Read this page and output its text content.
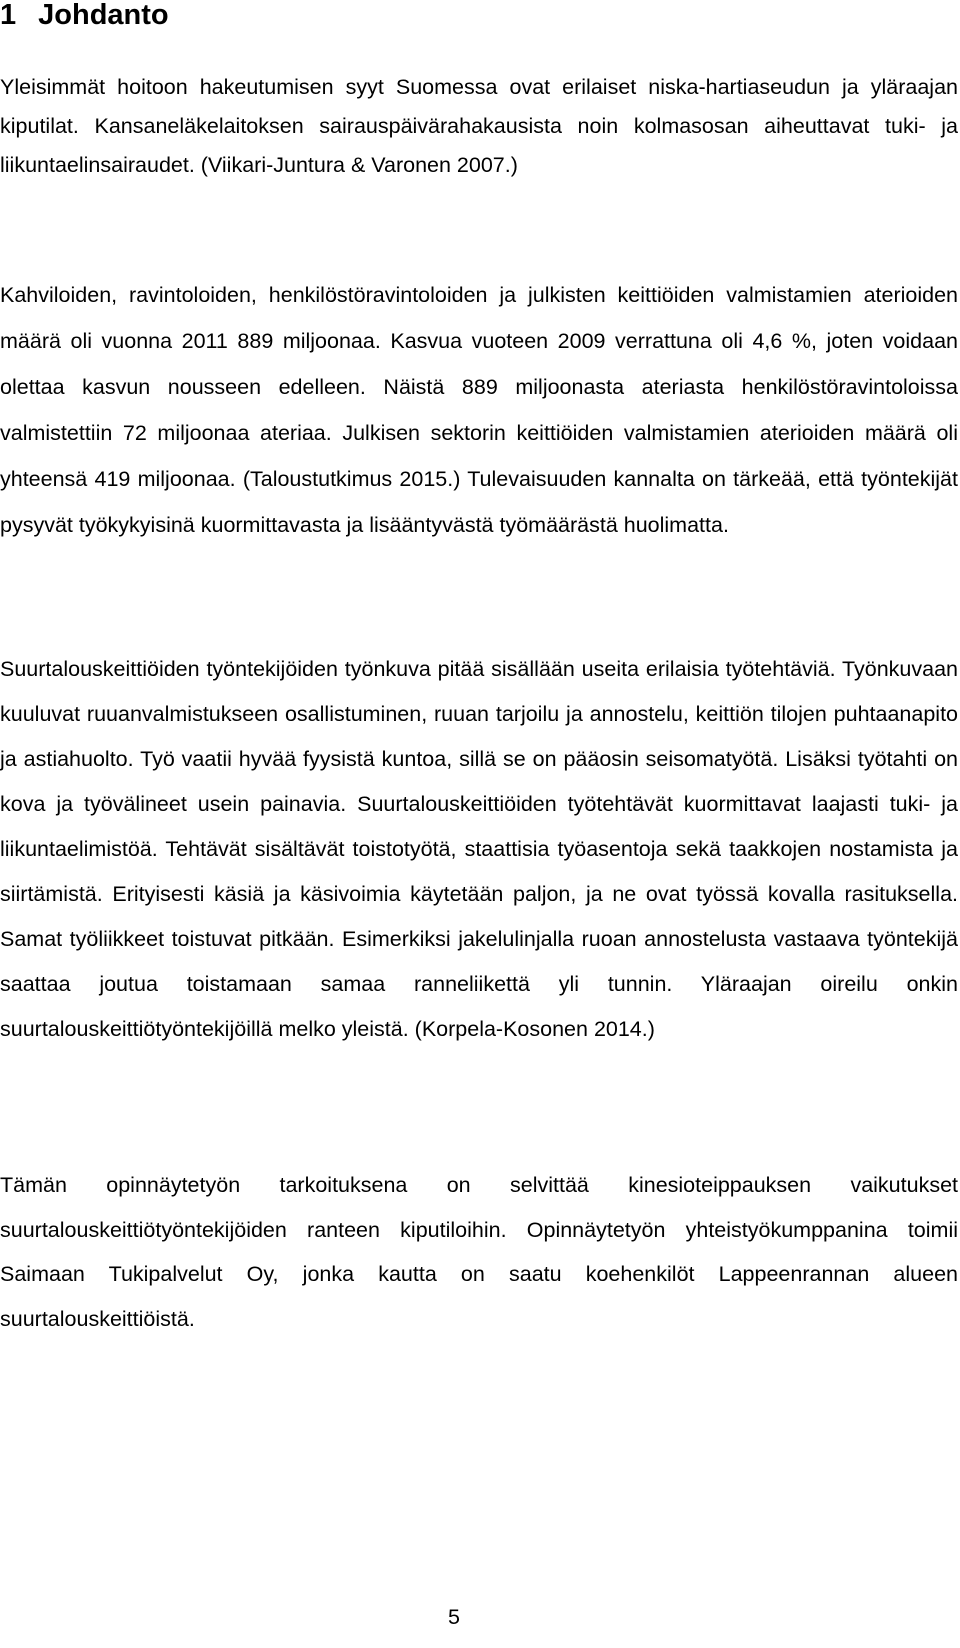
1 Johdanto

Yleisimmät hoitoon hakeutumisen syyt Suomessa ovat erilaiset niska-hartiaseudun ja yläraajan kiputilat. Kansaneläkelaitoksen sairauspäivärahakausista noin kolmasosan aiheuttavat tuki- ja liikuntaelinsairaudet. (Viikari-Juntura & Varonen 2007.)

Kahviloiden, ravintoloiden, henkilöstöravintoloiden ja julkisten keittiöiden valmistamien aterioiden määrä oli vuonna 2011 889 miljoonaa. Kasvua vuoteen 2009 verrattuna oli 4,6 %, joten voidaan olettaa kasvun nousseen edelleen. Näistä 889 miljoonasta ateriasta henkilöstöravintoloissa valmistettiin 72 miljoonaa ateriaa. Julkisen sektorin keittiöiden valmistamien aterioiden määrä oli yhteensä 419 miljoonaa. (Taloustutkimus 2015.) Tulevaisuuden kannalta on tärkeää, että työntekijät pysyvät työkykyisinä kuormittavasta ja lisääntyvästä työmäärästä huolimatta.

Suurtalouskeittiöiden työntekijöiden työnkuva pitää sisällään useita erilaisia työtehtäviä. Työnkuvaan kuuluvat ruuanvalmistukseen osallistuminen, ruuan tarjoilu ja annostelu, keittiön tilojen puhtaanapito ja astiahuolto. Työ vaatii hyvää fyysistä kuntoa, sillä se on pääosin seisomatyötä. Lisäksi työtahti on kova ja työvälineet usein painavia. Suurtalouskeittiöiden työtehtävät kuormittavat laajasti tuki- ja liikuntaelimistöä. Tehtävät sisältävät toistotyötä, staattisia työasentoja sekä taakkojen nostamista ja siirtämistä. Erityisesti käsiä ja käsivoimia käytetään paljon, ja ne ovat työssä kovalla rasituksella. Samat työliikkeet toistuvat pitkään. Esimerkiksi jakelulinjalla ruoan annostelusta vastaava työntekijä saattaa joutua toistamaan samaa ranneliikettä yli tunnin. Yläraajan oireilu onkin suurtalouskeittiötyöntekijöillä melko yleistä. (Korpela-Kosonen 2014.)

Tämän opinnäytetyön tarkoituksena on selvittää kinesioteippauksen vaikutukset suurtalouskeittiötyöntekijöiden ranteen kiputiloihin. Opinnäytetyön yhteistyökumppanina toimii Saimaan Tukipalvelut Oy, jonka kautta on saatu koehenkilöt Lappeenrannan alueen suurtalouskeittiöistä.

5
